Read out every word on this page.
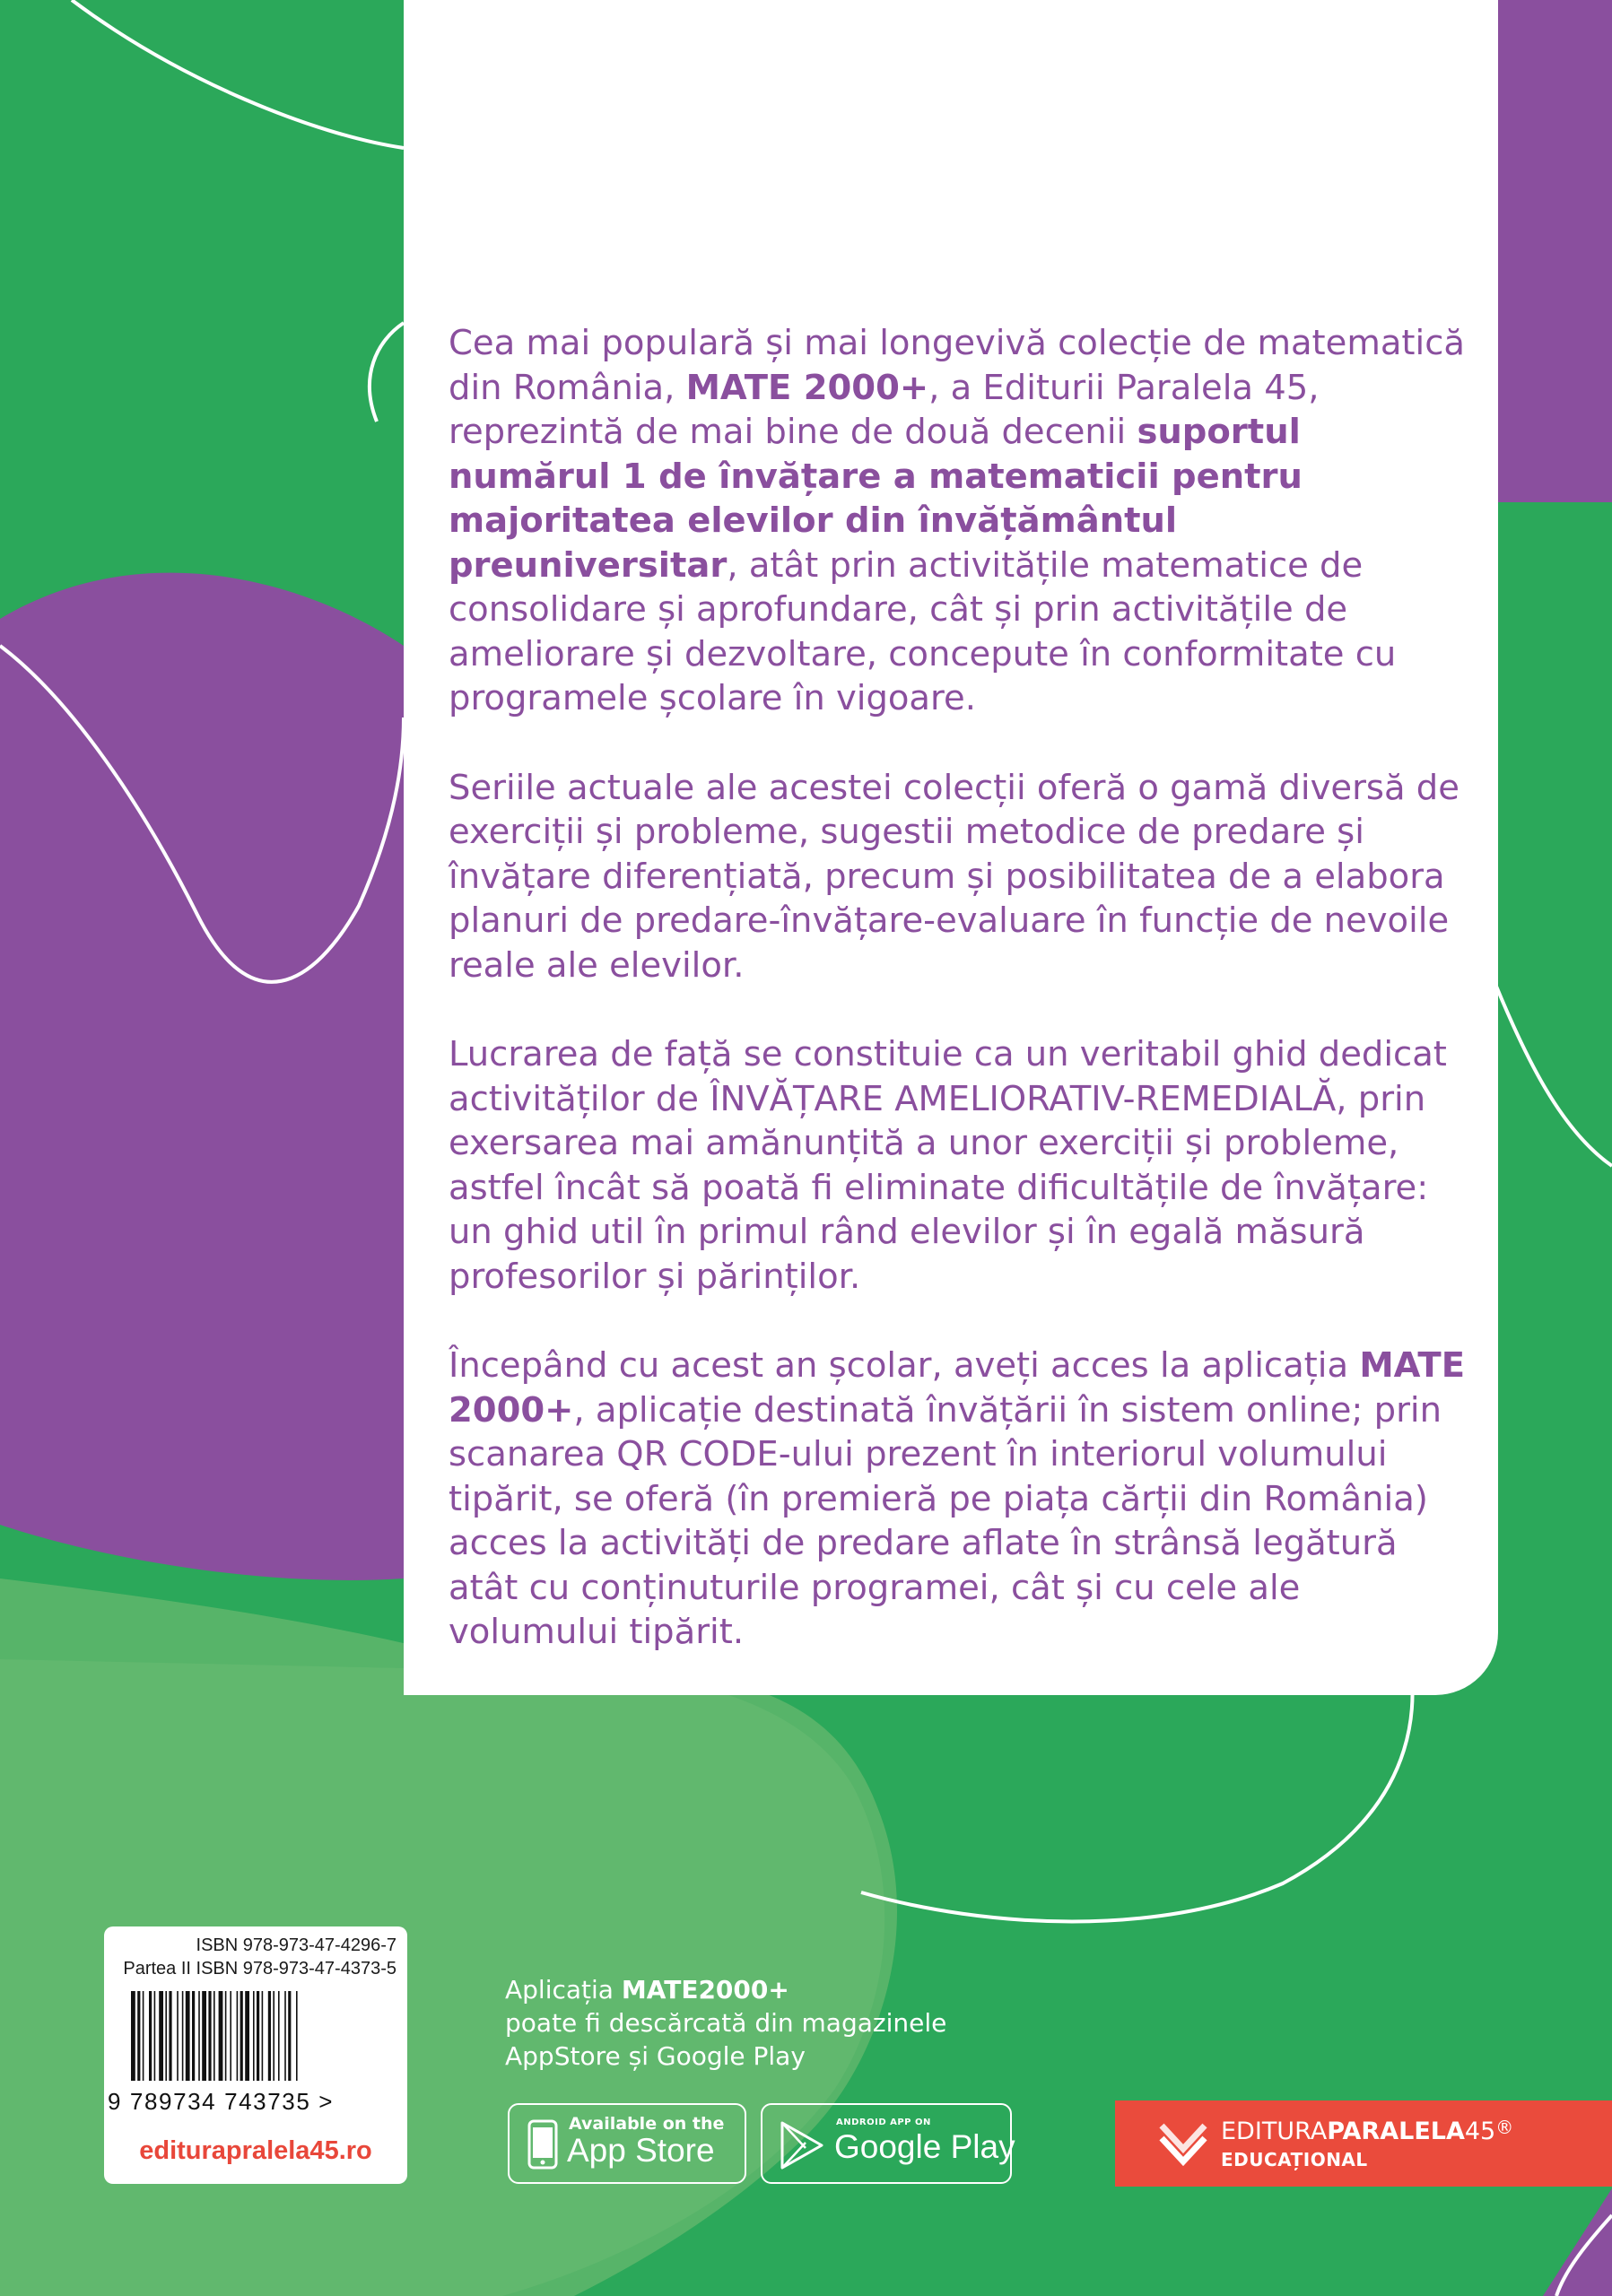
Cea mai populară și mai longevivă colecție de matematică din România, MATE 2000+, a Editurii Paralela 45, reprezintă de mai bine de două decenii suportul numărul 1 de învățare a matematicii pentru majoritatea elevilor din învățământul preuniversitar, atât prin activitățile matematice de consolidare și aprofundare, cât și prin activitățile de ameliorare și dezvoltare, concepute în conformitate cu programele școlare în vigoare.

Seriile actuale ale acestei colecții oferă o gamă diversă de exerciții și probleme, sugestii metodice de predare și învățare diferențiată, precum și posibilitatea de a elabora planuri de predare-învățare-evaluare în funcție de nevoile reale ale elevilor.

Lucrarea de față se constituie ca un veritabil ghid dedicat activităților de ÎNVĂȚARE AMELIORATIV-REMEDIALĂ, prin exersarea mai amănunțită a unor exerciții și probleme, astfel încât să poată fi eliminate dificultățile de învățare: un ghid util în primul rând elevilor și în egală măsură profesorilor și părinților.

Începând cu acest an școlar, aveți acces la aplicația MATE 2000+, aplicație destinată învățării în sistem online; prin scanarea QR CODE-ului prezent în interiorul volumului tipărit, se oferă (în premieră pe piața cărții din România) acces la activități de predare aflate în strânsă legătură atât cu conținuturile programei, cât și cu cele ale volumului tipărit.

ISBN 978-973-47-4296-7
Partea II ISBN 978-973-47-4373-5
9 789734 743735 >
editurapralela45.ro
Aplicația MATE2000+
poate fi descărcată din magazinele
AppStore și Google Play
Available on the
App Store
ANDROID APP ON
Google Play	EDITURAPARALELA45®
EDUCAȚIONAL
